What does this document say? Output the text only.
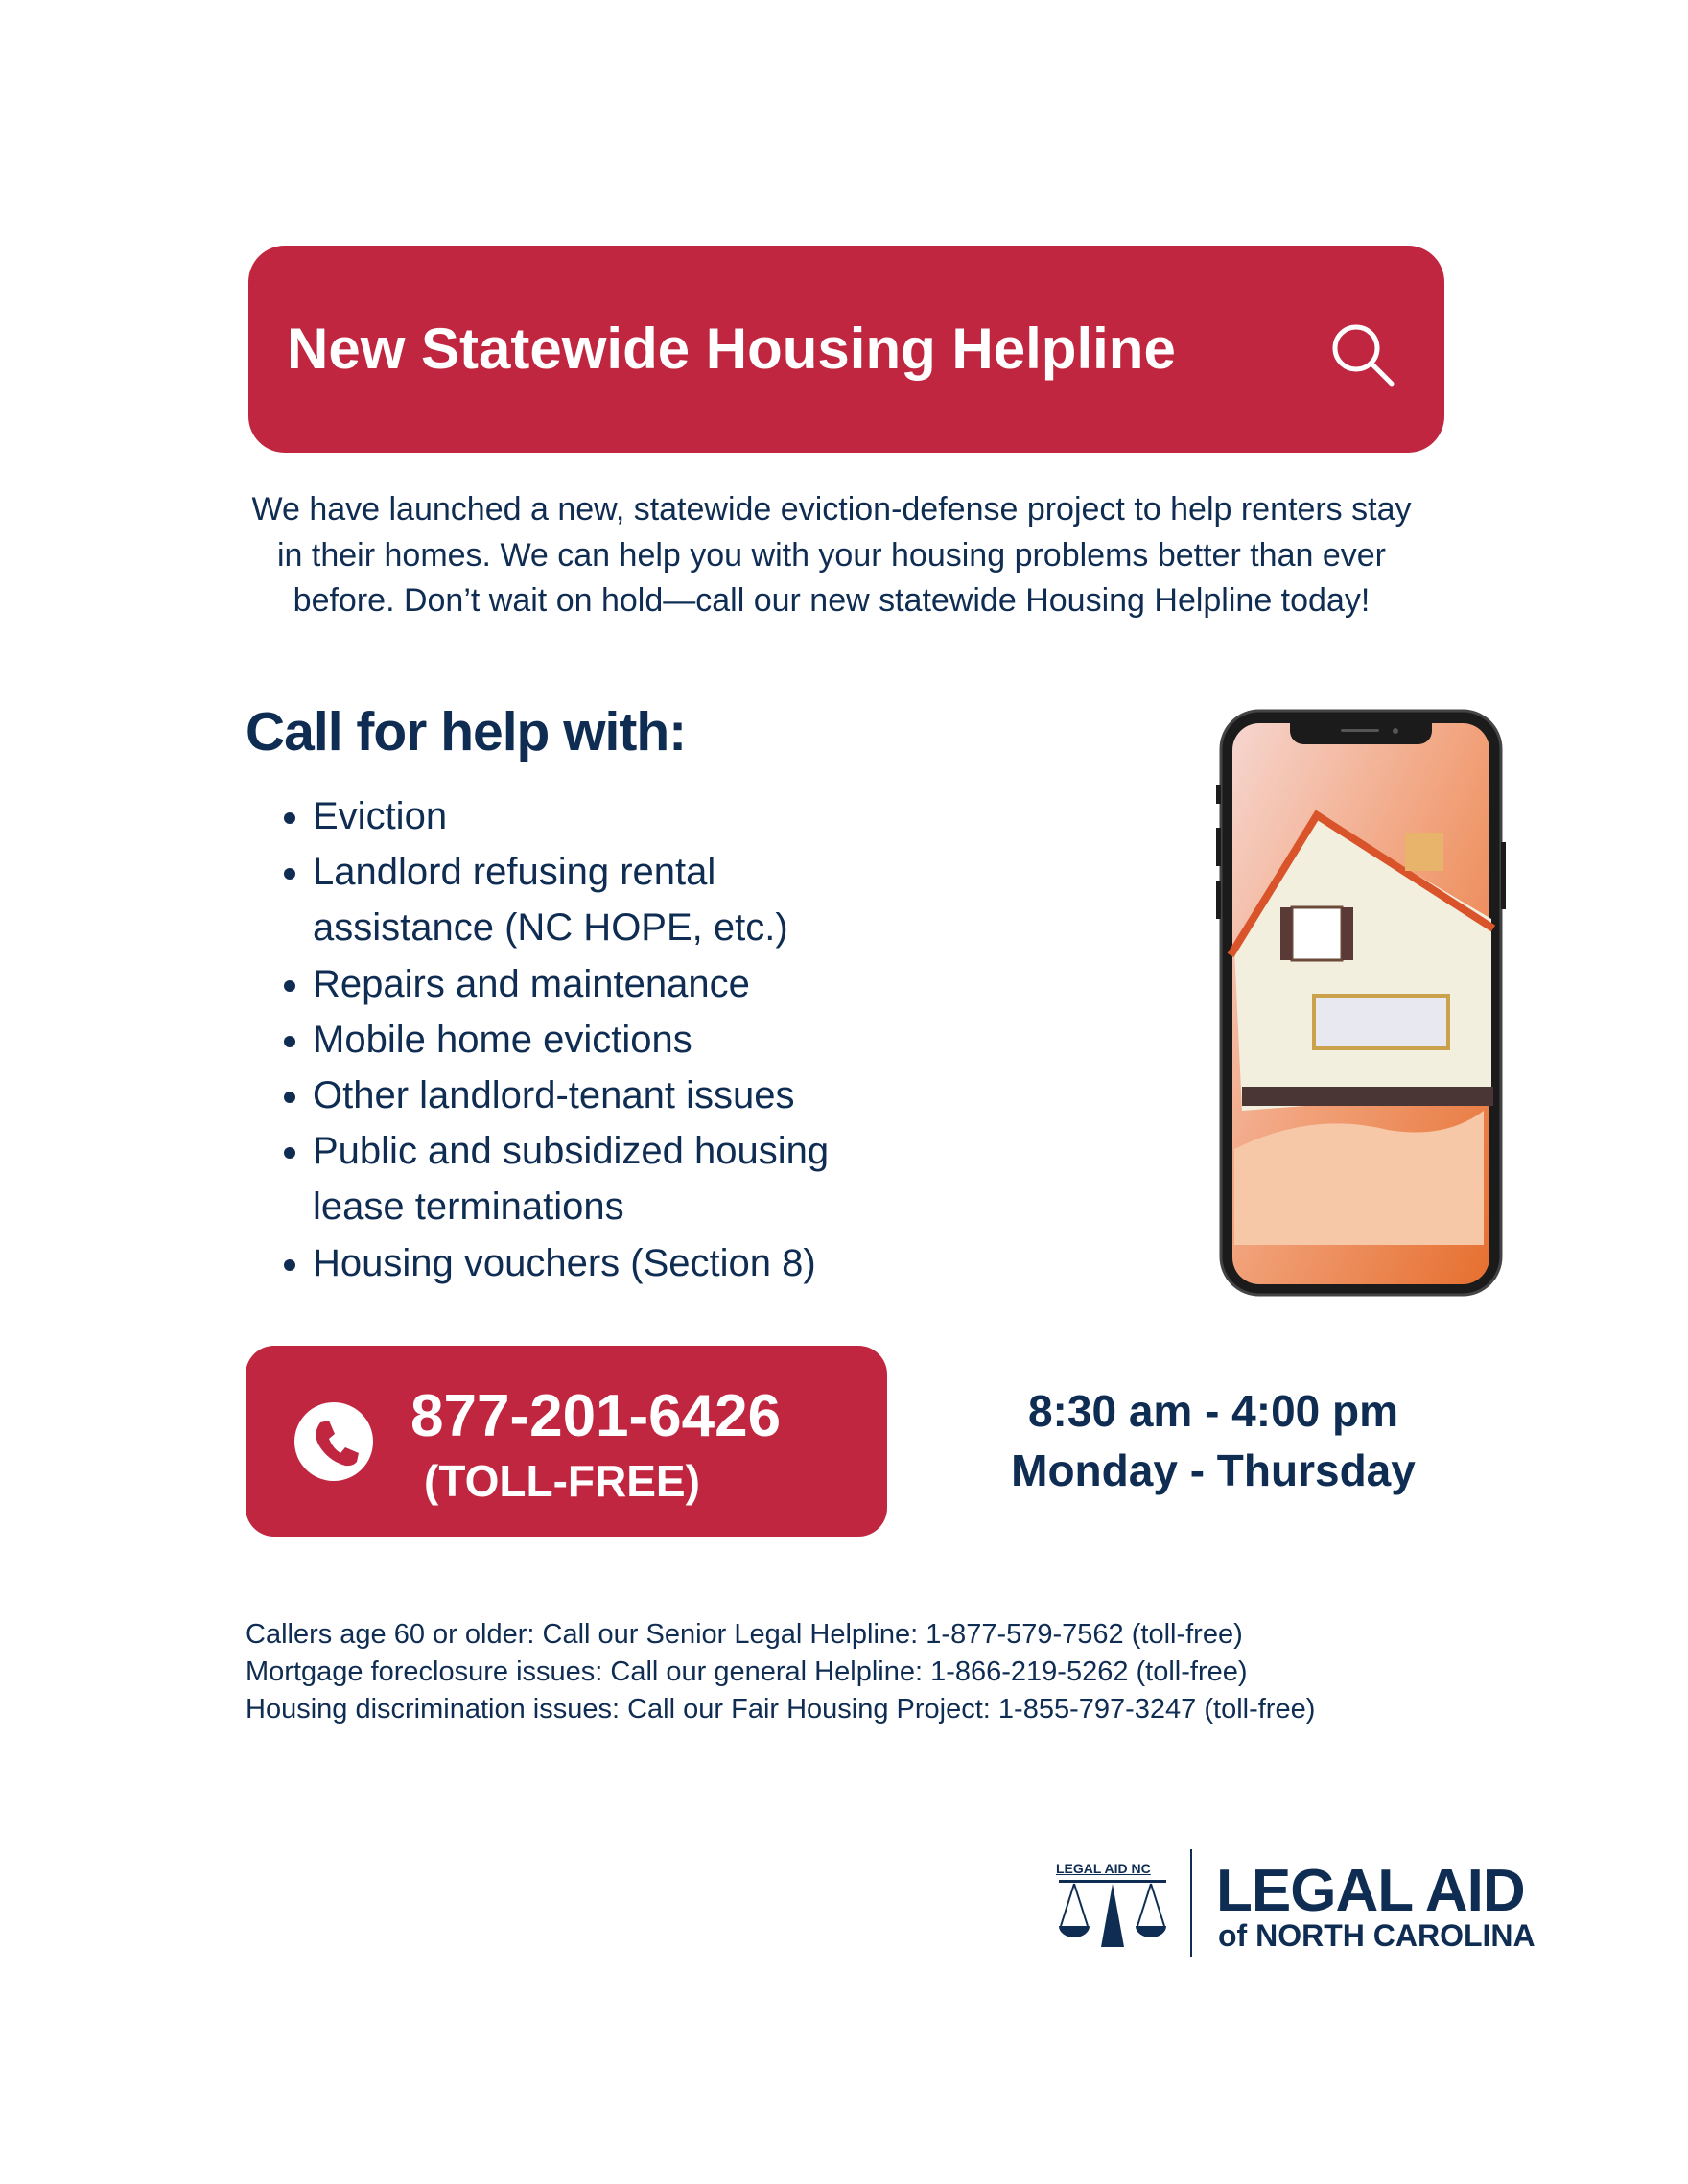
New Statewide Housing Helpline
We have launched a new, statewide eviction-defense project to help renters stay in their homes. We can help you with your housing problems better than ever before. Don’t wait on hold—call our new statewide Housing Helpline today!
Call for help with:
• Eviction
• Landlord refusing rental assistance (NC HOPE, etc.)
• Repairs and maintenance
• Mobile home evictions
• Other landlord-tenant issues
• Public and subsidized housing lease terminations
• Housing vouchers (Section 8)
877-201-6426
(TOLL-FREE)
8:30 am - 4:00 pm
Monday - Thursday
Callers age 60 or older: Call our Senior Legal Helpline: 1-877-579-7562 (toll-free)
Mortgage foreclosure issues: Call our general Helpline: 1-866-219-5262 (toll-free)
Housing discrimination issues: Call our Fair Housing Project: 1-855-797-3247 (toll-free)
LEGAL AID NC LEGAL AID
of NORTH CAROLINA
